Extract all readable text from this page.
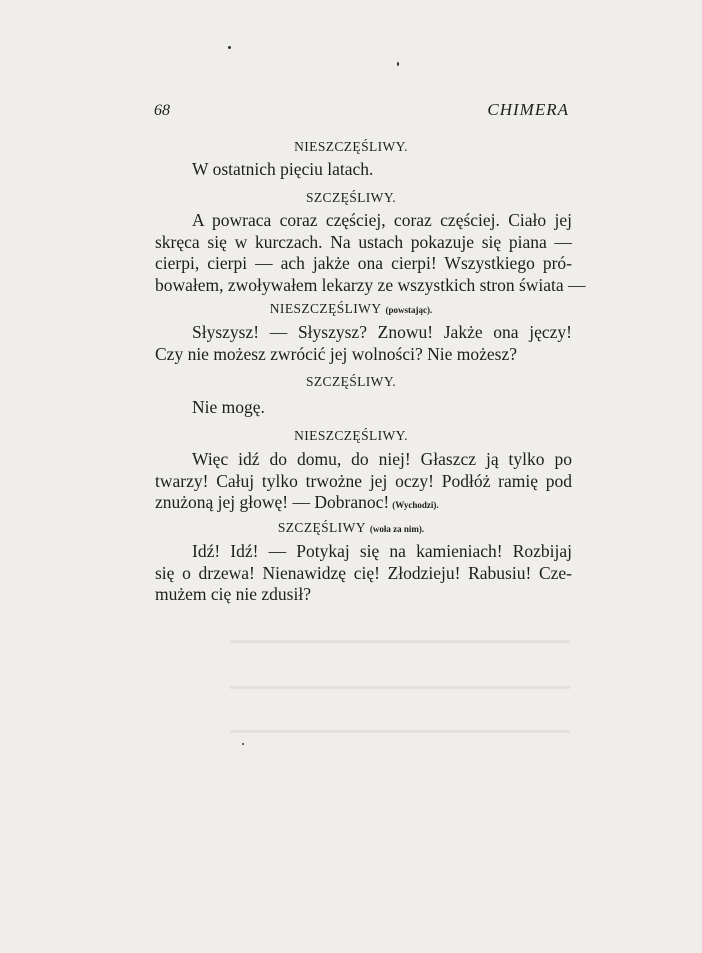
68	CHIMERA
NIESZCZĘŚLIWY.
W ostatnich pięciu latach.
SZCZĘŚLIWY.
A powraca coraz częściej, coraz częściej. Ciało jej
skręca się w kurczach. Na ustach pokazuje się piana —
cierpi, cierpi — ach jakże ona cierpi! Wszystkiego pró-
bowałem, zwoływałem lekarzy ze wszystkich stron świata —
NIESZCZĘŚLIWY (powstając).
Słyszysz! — Słyszysz? Znowu! Jakże ona jęczy!
Czy nie możesz zwrócić jej wolności? Nie możesz?
SZCZĘŚLIWY.
Nie mogę.
NIESZCZĘŚLIWY.
Więc idź do domu, do niej! Głaszcz ją tylko po
twarzy! Całuj tylko trwożne jej oczy! Podłóż ramię pod
znużoną jej głowę! — Dobranoc! (Wychodzi).
SZCZĘŚLIWY (woła za nim).
Idź! Idź! — Potykaj się na kamieniach! Rozbijaj
się o drzewa! Nienawidzę cię! Złodzieju! Rabusiu! Cze-
mużem cię nie zdusił?
